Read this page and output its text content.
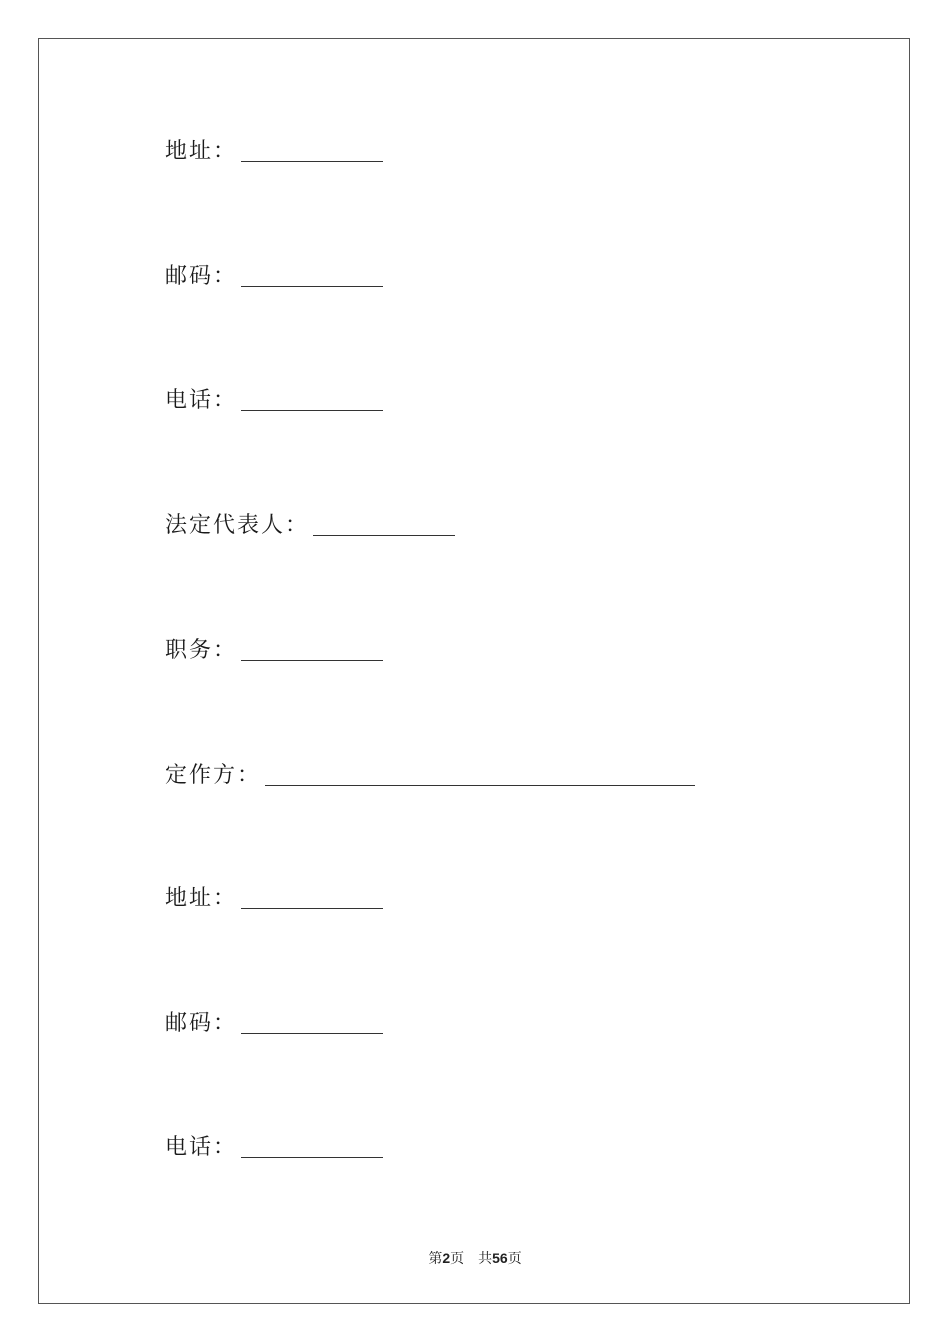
地址：
邮码：
电话：
法定代表人：
职务：
定作方：
地址：
邮码：
电话：
第2页 共56页
